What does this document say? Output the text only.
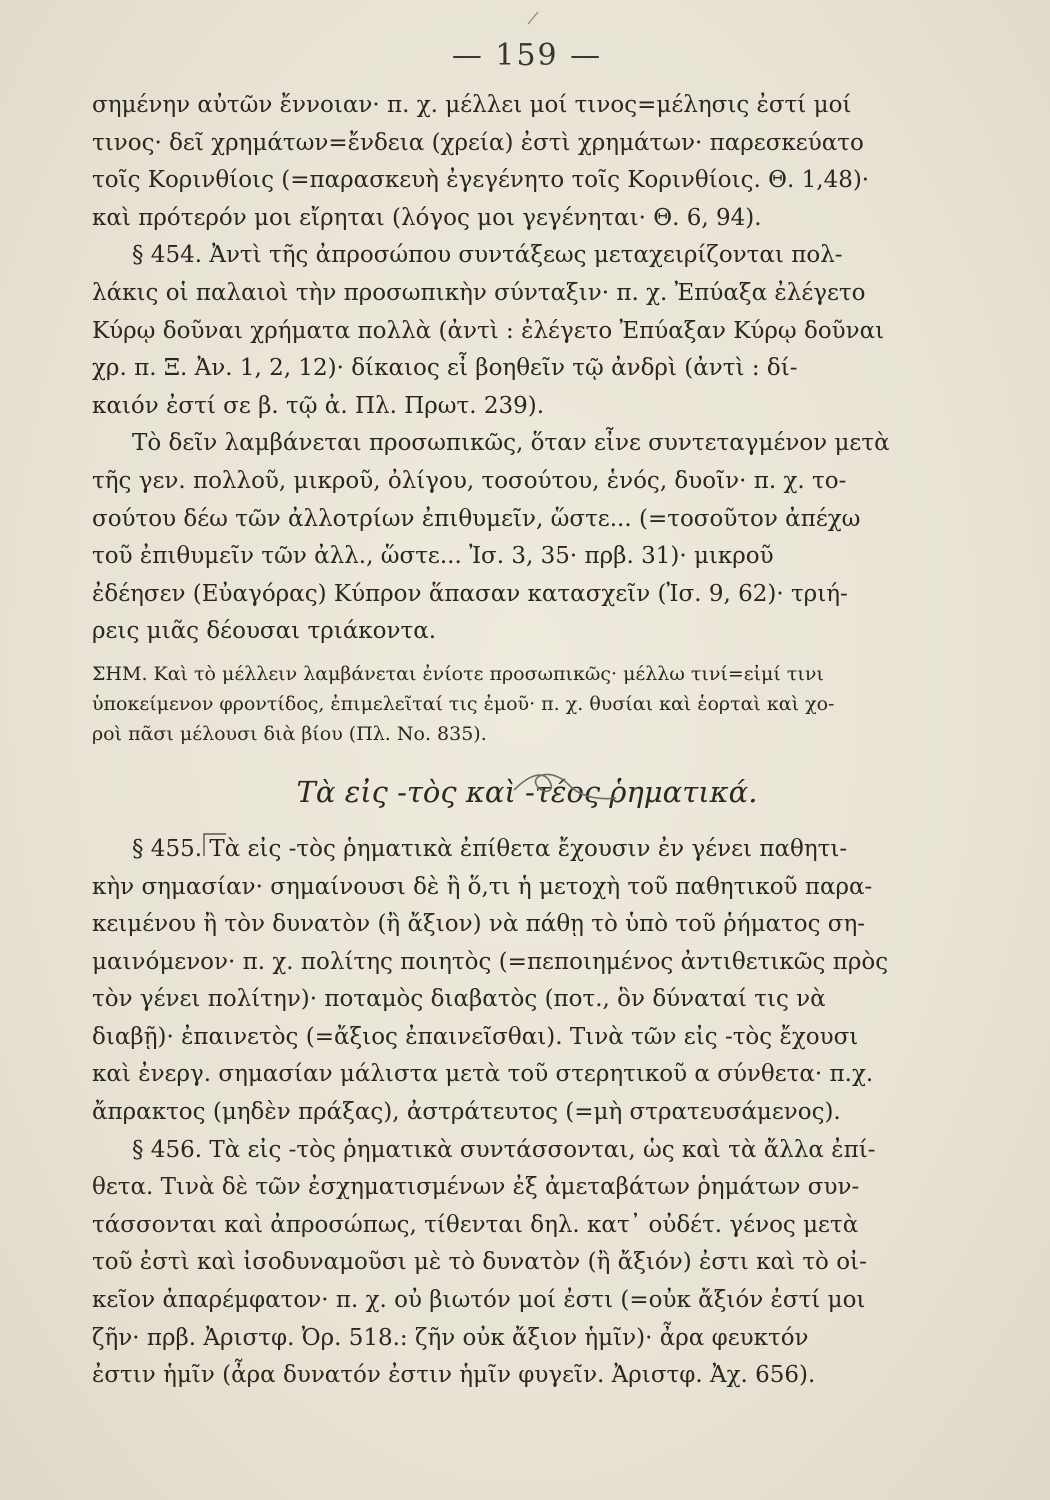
— 159 —
σημένην αὐτῶν ἔννοιαν· π. χ. μέλλει μοί τινος=μέλησις ἐστί μοί
τινος· δεῖ χρημάτων=ἔνδεια (χρεία) ἐστὶ χρημάτων· παρεσκεύατο
τοῖς Κορινθίοις (=παρασκευὴ ἐγεγένητο τοῖς Κορινθίοις. Θ. 1,48)·
καὶ πρότερόν μοι εἴρηται (λόγος μοι γεγένηται· Θ. 6, 94).
§ 454. Ἀντὶ τῆς ἀπροσώπου συντάξεως μεταχειρίζονται πολ-
λάκις οἱ παλαιοὶ τὴν προσωπικὴν σύνταξιν· π. χ. Ἐπύαξα ἐλέγετο
Κύρῳ δοῦναι χρήματα πολλὰ (ἀντὶ : ἐλέγετο Ἐπύαξαν Κύρῳ δοῦναι
χρ. π. Ξ. Ἀν. 1, 2, 12)· δίκαιος εἶ βοηθεῖν τῷ ἀνδρὶ (ἀντὶ : δί-
καιόν ἐστί σε β. τῷ ἀ. Πλ. Πρωτ. 239).
Τὸ δεῖν λαμβάνεται προσωπικῶς, ὅταν εἶνε συντεταγμένον μετὰ
τῆς γεν. πολλοῦ, μικροῦ, ὀλίγου, τοσούτου, ἑνός, δυοῖν· π. χ. το-
σούτου δέω τῶν ἀλλοτρίων ἐπιθυμεῖν, ὥστε... (=τοσοῦτον ἀπέχω
τοῦ ἐπιθυμεῖν τῶν ἀλλ., ὥστε... Ἰσ. 3, 35· πρβ. 31)· μικροῦ
ἐδέησεν (Εὐαγόρας) Κύπρον ἅπασαν κατασχεῖν (Ἰσ. 9, 62)· τριή-
ρεις μιᾶς δέουσαι τριάκοντα.
ΣΗΜ. Καὶ τὸ μέλλειν λαμβάνεται ἐνίοτε προσωπικῶς· μέλλω τινί=εἰμί τινι
ὑποκείμενον φροντίδος, ἐπιμελεῖταί τις ἐμοῦ· π. χ. θυσίαι καὶ ἑορταὶ καὶ χο-
ροὶ πᾶσι μέλουσι διὰ βίου (Πλ. Νο. 835).
Τὰ εἰς -τὸς καὶ -τέος ῥηματικά.
§ 455. Τὰ εἰς -τὸς ῥηματικὰ ἐπίθετα ἔχουσιν ἐν γένει παθητι-
κὴν σημασίαν· σημαίνουσι δὲ ἢ ὅ,τι ἡ μετοχὴ τοῦ παθητικοῦ παρα-
κειμένου ἢ τὸν δυνατὸν (ἢ ἄξιον) νὰ πάθῃ τὸ ὑπὸ τοῦ ῥήματος ση-
μαινόμενον· π. χ. πολίτης ποιητὸς (=πεποιημένος ἀντιθετικῶς πρὸς
τὸν γένει πολίτην)· ποταμὸς διαβατὸς (ποτ., ὃν δύναταί τις νὰ
διαβῇ)· ἐπαινετὸς (=ἄξιος ἐπαινεῖσθαι). Τινὰ τῶν εἰς -τὸς ἔχουσι
καὶ ἐνεργ. σημασίαν μάλιστα μετὰ τοῦ στερητικοῦ α σύνθετα· π.χ.
ἄπρακτος (μηδὲν πράξας), ἀστράτευτος (=μὴ στρατευσάμενος).
§ 456. Τὰ εἰς -τὸς ῥηματικὰ συντάσσονται, ὡς καὶ τὰ ἄλλα ἐπί-
θετα. Τινὰ δὲ τῶν ἐσχηματισμένων ἐξ ἀμεταβάτων ῥημάτων συν-
τάσσονται καὶ ἀπροσώπως, τίθενται δηλ. κατ᾽ οὐδέτ. γένος μετὰ
τοῦ ἐστὶ καὶ ἰσοδυναμοῦσι μὲ τὸ δυνατὸν (ἢ ἄξιόν) ἐστι καὶ τὸ οἰ-
κεῖον ἀπαρέμφατον· π. χ. οὐ βιωτόν μοί ἐστι (=οὐκ ἄξιόν ἐστί μοι
ζῆν· πρβ. Ἀριστφ. Ὀρ. 518.: ζῆν οὐκ ἄξιον ἡμῖν)· ἆρα φευκτόν
ἐστιν ἡμῖν (ἆρα δυνατόν ἐστιν ἡμῖν φυγεῖν. Ἀριστφ. Ἀχ. 656).
